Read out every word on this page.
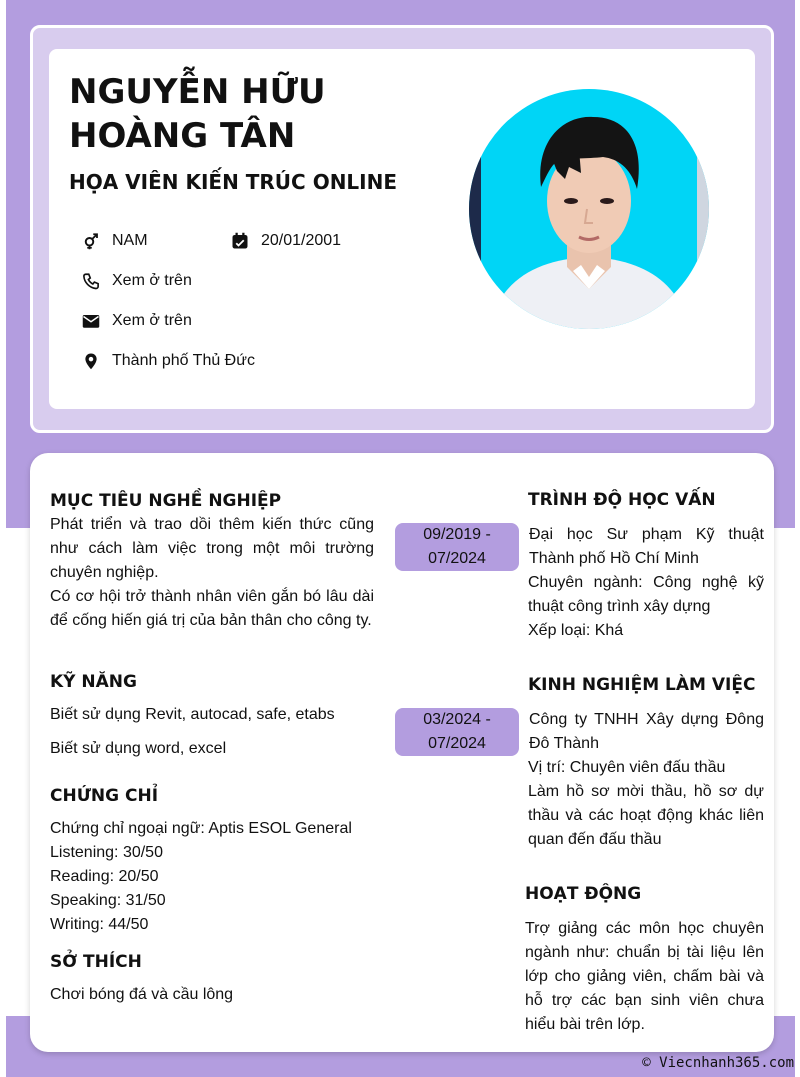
NGUYỄN HỮU HOÀNG TÂN
HỌA VIÊN KIẾN TRÚC ONLINE
NAM	20/01/2001
Xem ở trên
Xem ở trên
Thành phố Thủ Đức
MỤC TIÊU NGHỀ NGHIỆP
Phát triển và trao dồi thêm kiến thức cũng như cách làm việc trong một môi trường chuyên nghiệp.
Có cơ hội trở thành nhân viên gắn bó lâu dài để cống hiến giá trị của bản thân cho công ty.
KỸ NĂNG
Biết sử dụng Revit, autocad, safe, etabs
Biết sử dụng word, excel
CHỨNG CHỈ
Chứng chỉ ngoại ngữ: Aptis ESOL General
Listening: 30/50
Reading: 20/50
Speaking: 31/50
Writing: 44/50
SỞ THÍCH
Chơi bóng đá và cầu lông
TRÌNH ĐỘ HỌC VẤN
09/2019 - 07/2024
Đại học Sư phạm Kỹ thuật Thành phố Hồ Chí Minh
Chuyên ngành: Công nghệ kỹ thuật công trình xây dựng
Xếp loại: Khá
KINH NGHIỆM LÀM VIỆC
03/2024 - 07/2024
Công ty TNHH Xây dựng Đông Đô Thành
Vị trí: Chuyên viên đấu thầu
Làm hồ sơ mời thầu, hồ sơ dự thầu và các hoạt động khác liên quan đến đấu thầu
HOẠT ĐỘNG
Trợ giảng các môn học chuyên ngành như: chuẩn bị tài liệu lên lớp cho giảng viên, chấm bài và hỗ trợ các bạn sinh viên chưa hiểu bài trên lớp.
© Viecnhanh365.com
